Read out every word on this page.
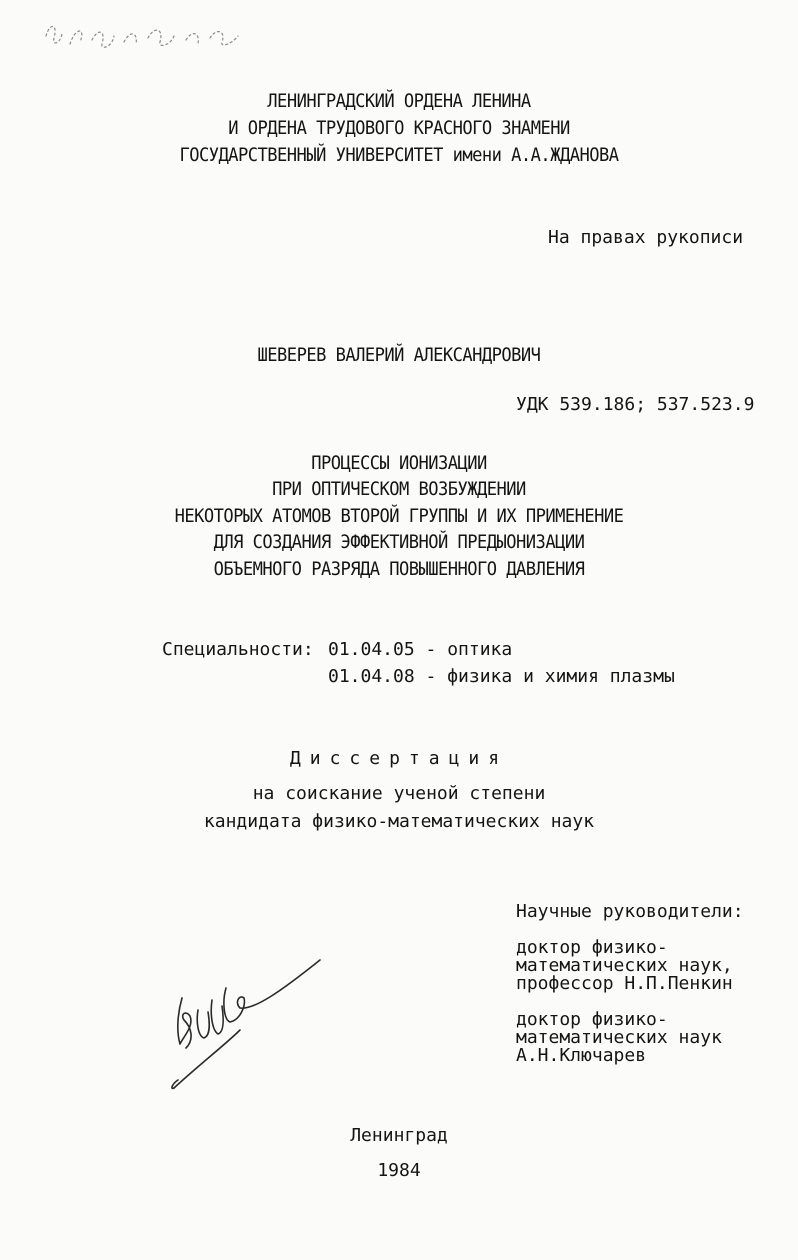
ЛЕНИНГРАДСКИЙ ОРДЕНА ЛЕНИНА
И ОРДЕНА ТРУДОВОГО КРАСНОГО ЗНАМЕНИ
ГОСУДАРСТВЕННЫЙ УНИВЕРСИТЕТ имени А.А.ЖДАНОВА
На правах рукописи
ШЕВЕРЕВ ВАЛЕРИЙ АЛЕКСАНДРОВИЧ
УДК 539.186; 537.523.9
ПРОЦЕССЫ ИОНИЗАЦИИ
ПРИ ОПТИЧЕСКОМ ВОЗБУЖДЕНИИ
НЕКОТОРЫХ АТОМОВ ВТОРОЙ ГРУППЫ И ИХ ПРИМЕНЕНИЕ
ДЛЯ СОЗДАНИЯ ЭФФЕКТИВНОЙ ПРЕДЫОНИЗАЦИИ
ОБЪЕМНОГО РАЗРЯДА ПОВЫШЕННОГО ДАВЛЕНИЯ
Специальности: 01.04.05 - оптика
01.04.08 - физика и химия плазмы
Диссертация
на соискание ученой степени
кандидата физико-математических наук
Научные руководители:
доктор физико-
математических наук,
профессор Н.П.Пенкин
доктор физико-
математических наук
А.Н.Ключарев
Ленинград
1984
